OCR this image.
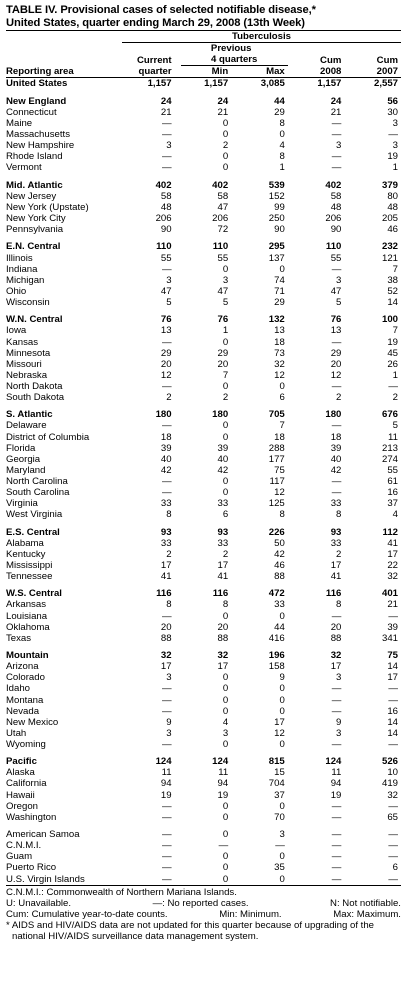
TABLE IV. Provisional cases of selected notifiable disease,*
United States, quarter ending March 29, 2008 (13th Week)

	Tuberculosis				

		Previous			
	Current	4 quarters		Cum	Cum
Reporting area	quarter	Min	Max	2008	2007

United States	1,157	1,157	3,085	1,157	2,557

New England	24	24	44	24	56
Connecticut	21	21	29	21	30
Maine	—	0	8	—	3
Massachusetts	—	0	0	—	—
New Hampshire	3	2	4	3	3
Rhode Island	—	0	8	—	19
Vermont	—	0	1	—	1

Mid. Atlantic	402	402	539	402	379
New Jersey	58	58	152	58	80
New York (Upstate)	48	47	99	48	48
New York City	206	206	250	206	205
Pennsylvania	90	72	90	90	46

E.N. Central	110	110	295	110	232
Illinois	55	55	137	55	121
Indiana	—	0	0	—	7
Michigan	3	3	74	3	38
Ohio	47	47	71	47	52
Wisconsin	5	5	29	5	14

W.N. Central	76	76	132	76	100
Iowa	13	1	13	13	7
Kansas	—	0	18	—	19
Minnesota	29	29	73	29	45
Missouri	20	20	32	20	26
Nebraska	12	7	12	12	1
North Dakota	—	0	0	—	—
South Dakota	2	2	6	2	2

S. Atlantic	180	180	705	180	676
Delaware	—	0	7	—	5
District of Columbia	18	0	18	18	11
Florida	39	39	288	39	213
Georgia	40	40	177	40	274
Maryland	42	42	75	42	55
North Carolina	—	0	117	—	61
South Carolina	—	0	12	—	16
Virginia	33	33	125	33	37
West Virginia	8	6	8	8	4

E.S. Central	93	93	226	93	112
Alabama	33	33	50	33	41
Kentucky	2	2	42	2	17
Mississippi	17	17	46	17	22
Tennessee	41	41	88	41	32

W.S. Central	116	116	472	116	401
Arkansas	8	8	33	8	21
Louisiana	—	0	0	—	—
Oklahoma	20	20	44	20	39
Texas	88	88	416	88	341

Mountain	32	32	196	32	75
Arizona	17	17	158	17	14
Colorado	3	0	9	3	17
Idaho	—	0	0	—	—
Montana	—	0	0	—	—
Nevada	—	0	0	—	16
New Mexico	9	4	17	9	14
Utah	3	3	12	3	14
Wyoming	—	0	0	—	—

Pacific	124	124	815	124	526
Alaska	11	11	15	11	10
California	94	94	704	94	419
Hawaii	19	19	37	19	32
Oregon	—	0	0	—	—
Washington	—	0	70	—	65

American Samoa	—	0	3	—	—
C.N.M.I.	—	—	—	—	—
Guam	—	0	0	—	—
Puerto Rico	—	0	35	—	6
U.S. Virgin Islands	—	0	0	—	—
C.N.M.I.: Commonwealth of Northern Mariana Islands.
U: Unavailable.	—: No reported cases.	N: Not notifiable.
Cum: Cumulative year-to-date counts.	Min: Minimum.	Max: Maximum.
* AIDS and HIV/AIDS data are not updated for this quarter because of upgrading of the national HIV/AIDS surveillance data management system.
